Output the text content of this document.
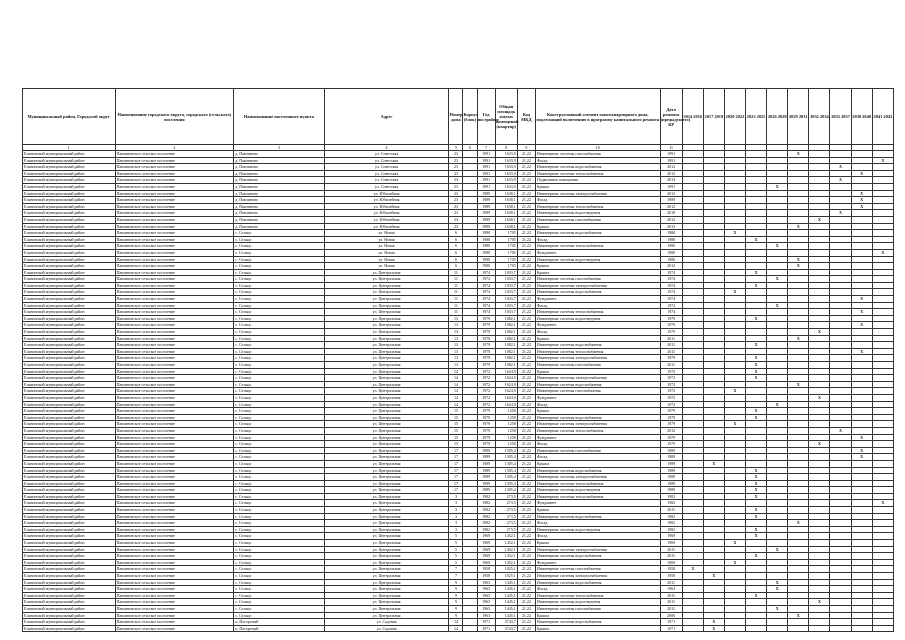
Муниципальный район, Городской округ	Наименование городского округа, городского (сельского) поселения	Наименование населенного пункта	Адрес	Номер дома	Корпус (блок)	Год постройки	Общая площадь жилых помещений (квартир)	Код МКД	Конструктивный элемент многоквартирного дома, подлежащий включению в программу капитального ремонта	Дата ремонта (предыдущего) КР	2014 2016	2017 2019	2020 2022	2023 2025	2026 2028	2029 2031	2032 2034	2035 2037	2038 2040	2041 2043
1	2	3	4	5	6	7	8	9	10	11										
Ельнинский муниципальный район	Павлиновское сельское поселение	д. Павлиново	ул. Советская	23		1991	1633,9	21,22	Инженерные системы газоснабжения	1991						X				
Ельнинский муниципальный район	Павлиновское сельское поселение	д. Павлиново	ул. Советская	23		1991	1633,9	21,22	Фасад	1991										X
Ельнинский муниципальный район	Павлиновское сельское поселение	д. Павлиново	ул. Советская	23		1991	1633,9	21,22	Инженерные системы водоснабжения	2012								X		
Ельнинский муниципальный район	Павлиновское сельское поселение	д. Павлиново	ул. Советская	23		1991	1633,9	21,22	Инженерные системы теплоснабжения	2012									X	
Ельнинский муниципальный район	Павлиновское сельское поселение	д. Павлиново	ул. Советская	23		1991	1633,9	21,22	Подвальные помещения	2013								X		
Ельнинский муниципальный район	Павлиновское сельское поселение	д. Павлиново	ул. Советская	23		1991	1633,9	21,22	Крыша	1991					X					
Ельнинский муниципальный район	Павлиновское сельское поселение	д. Павлиново	ул. Юбилейная	23		1989	1638,1	21,22	Инженерные системы электроснабжения	2012									X	
Ельнинский муниципальный район	Павлиновское сельское поселение	д. Павлиново	ул. Юбилейная	23		1989	1638,1	21,22	Фасад	1989									X	
Ельнинский муниципальный район	Павлиновское сельское поселение	д. Павлиново	ул. Юбилейная	23		1989	1638,1	21,22	Инженерные системы теплоснабжения	2012									X	
Ельнинский муниципальный район	Павлиновское сельское поселение	д. Павлиново	ул. Юбилейная	23		1989	1638,1	21,22	Инженерные системы водоотведения	2010								X		
Ельнинский муниципальный район	Павлиновское сельское поселение	д. Павлиново	ул. Юбилейная	23		1989	1638,1	21,22	Инженерные системы газоснабжения	2012							X			
Ельнинский муниципальный район	Павлиновское сельское поселение	д. Павлиново	ул. Юбилейная	23		1989	1638,1	21,22	Крыша	2013						X				
Ельнинский муниципальный район	Павлиновское сельское поселение	с. Сельцо	ул. Новая	6		1980	1705	21,22	Инженерные системы водоснабжения	1980			X							
Ельнинский муниципальный район	Павлиновское сельское поселение	с. Сельцо	ул. Новая	6		1980	1705	21,22	Фасад	1980				X						
Ельнинский муниципальный район	Павлиновское сельское поселение	с. Сельцо	ул. Новая	6		1980	1705	21,22	Инженерные системы теплоснабжения	1980					X					
Ельнинский муниципальный район	Павлиновское сельское поселение	с. Сельцо	ул. Новая	6		1980	1705	21,22	Фундамент	1980										X
Ельнинский муниципальный район	Павлиновское сельское поселение	с. Сельцо	ул. Новая	6		1980	1705	21,22	Инженерные системы водоотведения	1980						X				
Ельнинский муниципальный район	Павлиновское сельское поселение	с. Сельцо	ул. Новая	6		1980	1705	21,22	Крыша	2012						X				
Ельнинский муниципальный район	Павлиновское сельское поселение	с. Сельцо	ул. Центральная	11		1974	1033,7	21,22	Крыша	1974				X						
Ельнинский муниципальный район	Павлиновское сельское поселение	с. Сельцо	ул. Центральная	11		1974	1033,7	21,22	Инженерные системы газоснабжения	1974					X					
Ельнинский муниципальный район	Павлиновское сельское поселение	с. Сельцо	ул. Центральная	11		1974	1033,7	21,22	Инженерные системы электроснабжения	1974				X						
Ельнинский муниципальный район	Павлиновское сельское поселение	с. Сельцо	ул. Центральная	11		1974	1033,7	21,22	Инженерные системы водоснабжения	1974			X							
Ельнинский муниципальный район	Павлиновское сельское поселение	с. Сельцо	ул. Центральная	11		1974	1033,7	21,22	Фундамент	1974									X	
Ельнинский муниципальный район	Павлиновское сельское поселение	с. Сельцо	ул. Центральная	11		1974	1033,7	21,22	Фасад	1974					X					
Ельнинский муниципальный район	Павлиновское сельское поселение	с. Сельцо	ул. Центральная	11		1974	1033,7	21,22	Инженерные системы теплоснабжения	1974									X	
Ельнинский муниципальный район	Павлиновское сельское поселение	с. Сельцо	ул. Центральная	13		1979	1082,1	21,22	Инженерные системы водоотведения	1979				X						
Ельнинский муниципальный район	Павлиновское сельское поселение	с. Сельцо	ул. Центральная	13		1979	1082,1	21,22	Фундамент	1979									X	
Ельнинский муниципальный район	Павлиновское сельское поселение	с. Сельцо	ул. Центральная	13		1979	1082,1	21,22	Фасад	1979							X			
Ельнинский муниципальный район	Павлиновское сельское поселение	с. Сельцо	ул. Центральная	13		1979	1082,1	21,22	Крыша	2011						X				
Ельнинский муниципальный район	Павлиновское сельское поселение	с. Сельцо	ул. Центральная	13		1979	1082,1	21,22	Инженерные системы водоснабжения	2011				X						
Ельнинский муниципальный район	Павлиновское сельское поселение	с. Сельцо	ул. Центральная	13		1979	1082,1	21,22	Инженерные системы теплоснабжения	2011									X	
Ельнинский муниципальный район	Павлиновское сельское поселение	с. Сельцо	ул. Центральная	13		1979	1082,1	21,22	Инженерные системы электроснабжения	1979				X						
Ельнинский муниципальный район	Павлиновское сельское поселение	с. Сельцо	ул. Центральная	13		1979	1082,1	21,22	Инженерные системы газоснабжения	2011				X						
Ельнинский муниципальный район	Павлиновское сельское поселение	с. Сельцо	ул. Центральная	14		1972	1624,9	21,22	Крыша	1972				X						
Ельнинский муниципальный район	Павлиновское сельское поселение	с. Сельцо	ул. Центральная	14		1972	1624,9	21,22	Инженерные системы электроснабжения	1972				X						
Ельнинский муниципальный район	Павлиновское сельское поселение	с. Сельцо	ул. Центральная	14		1972	1624,9	21,22	Инженерные системы водоснабжения	1972						X				
Ельнинский муниципальный район	Павлиновское сельское поселение	с. Сельцо	ул. Центральная	14		1972	1624,9	21,22	Инженерные системы газоснабжения	1972			X							
Ельнинский муниципальный район	Павлиновское сельское поселение	с. Сельцо	ул. Центральная	14		1972	1624,9	21,22	Фундамент	1972							X			
Ельнинский муниципальный район	Павлиновское сельское поселение	с. Сельцо	ул. Центральная	14		1972	1624,9	21,22	Фасад	1972					X					
Ельнинский муниципальный район	Павлиновское сельское поселение	с. Сельцо	ул. Центральная	15		1979	1258	21,22	Крыша	1979				X						
Ельнинский муниципальный район	Павлиновское сельское поселение	с. Сельцо	ул. Центральная	15		1979	1258	21,22	Инженерные системы водоснабжения	1979				X						
Ельнинский муниципальный район	Павлиновское сельское поселение	с. Сельцо	ул. Центральная	15		1979	1258	21,22	Инженерные системы электроснабжения	1979			X							
Ельнинский муниципальный район	Павлиновское сельское поселение	с. Сельцо	ул. Центральная	15		1979	1258	21,22	Инженерные системы теплоснабжения	2012								X		
Ельнинский муниципальный район	Павлиновское сельское поселение	с. Сельцо	ул. Центральная	15		1979	1258	21,22	Фундамент	1979									X	
Ельнинский муниципальный район	Павлиновское сельское поселение	с. Сельцо	ул. Центральная	15		1979	1258	21,22	Фасад	1979							X			
Ельнинский муниципальный район	Павлиновское сельское поселение	с. Сельцо	ул. Центральная	17		1989	1305,4	21,22	Инженерные системы газоснабжения	1989									X	
Ельнинский муниципальный район	Павлиновское сельское поселение	с. Сельцо	ул. Центральная	17		1989	1305,4	21,22	Фасад	1989									X	
Ельнинский муниципальный район	Павлиновское сельское поселение	с. Сельцо	ул. Центральная	17		1989	1305,4	21,22	Крыша	1989		X								
Ельнинский муниципальный район	Павлиновское сельское поселение	с. Сельцо	ул. Центральная	17		1989	1305,4	21,22	Инженерные системы водоснабжения	1989				X						
Ельнинский муниципальный район	Павлиновское сельское поселение	с. Сельцо	ул. Центральная	17		1989	1305,4	21,22	Инженерные системы электроснабжения	1989				X						
Ельнинский муниципальный район	Павлиновское сельское поселение	с. Сельцо	ул. Центральная	17		1989	1305,4	21,22	Инженерные системы теплоснабжения	1989				X						
Ельнинский муниципальный район	Павлиновское сельское поселение	с. Сельцо	ул. Центральная	17		1989	1305,4	21,22	Инженерные системы водоотведения	1989				X						
Ельнинский муниципальный район	Павлиновское сельское поселение	с. Сельцо	ул. Центральная	3		1982	273,5	21,22	Инженерные системы теплоснабжения	1982				X						
Ельнинский муниципальный район	Павлиновское сельское поселение	с. Сельцо	ул. Центральная	3		1982	273,5	21,22	Фундамент	1982										X
Ельнинский муниципальный район	Павлиновское сельское поселение	с. Сельцо	ул. Центральная	3		1982	273,5	21,22	Крыша	2011				X						
Ельнинский муниципальный район	Павлиновское сельское поселение	с. Сельцо	ул. Центральная	3		1982	273,5	21,22	Инженерные системы водоснабжения	1982				X						
Ельнинский муниципальный район	Павлиновское сельское поселение	с. Сельцо	ул. Центральная	3		1982	273,5	21,22	Фасад	1982						X				
Ельнинский муниципальный район	Павлиновское сельское поселение	с. Сельцо	ул. Центральная	3		1982	273,5	21,22	Инженерные системы водоотведения	1982				X						
Ельнинский муниципальный район	Павлиновское сельское поселение	с. Сельцо	ул. Центральная	5		1969	1452,1	21,22	Фасад	1969				X						
Ельнинский муниципальный район	Павлиновское сельское поселение	с. Сельцо	ул. Центральная	5		1969	1452,1	21,22	Крыша	1969			X							
Ельнинский муниципальный район	Павлиновское сельское поселение	с. Сельцо	ул. Центральная	5		1969	1452,1	21,22	Инженерные системы электроснабжения	2011					X					
Ельнинский муниципальный район	Павлиновское сельское поселение	с. Сельцо	ул. Центральная	5		1969	1452,1	21,22	Инженерные системы водоснабжения	2011				X						
Ельнинский муниципальный район	Павлиновское сельское поселение	с. Сельцо	ул. Центральная	5		1969	1452,1	21,22	Фундамент	1969			X							
Ельнинский муниципальный район	Павлиновское сельское поселение	с. Сельцо	ул. Центральная	7		1958	1025,1	21,22	Инженерные системы газоснабжения	1958	X									
Ельнинский муниципальный район	Павлиновское сельское поселение	с. Сельцо	ул. Центральная	7		1958	1025,1	21,22	Инженерные системы электроснабжения	1958		X								
Ельнинский муниципальный район	Павлиновское сельское поселение	с. Сельцо	ул. Центральная	9		1963	1445,1	21,22	Инженерные системы водоснабжения	2011					X					
Ельнинский муниципальный район	Павлиновское сельское поселение	с. Сельцо	ул. Центральная	9		1963	1445,1	21,22	Фасад	1963					X					
Ельнинский муниципальный район	Павлиновское сельское поселение	с. Сельцо	ул. Центральная	9		1963	1445,1	21,22	Инженерные системы теплоснабжения	2011				X						
Ельнинский муниципальный район	Павлиновское сельское поселение	с. Сельцо	ул. Центральная	9		1963	1445,1	21,22	Инженерные системы водоотведения	2011							X			
Ельнинский муниципальный район	Павлиновское сельское поселение	с. Сельцо	ул. Центральная	9		1963	1445,1	21,22	Инженерные системы газоснабжения	2011					X					
Ельнинский муниципальный район	Павлиновское сельское поселение	с. Сельцо	ул. Центральная	9		1963	1445,1	21,22	Крыша	2006						X				
Ельнинский муниципальный район	Павлиновское сельское поселение	п. Погорелый	ул. Садовая	14		1971	3743,7	21,22	Инженерные системы водоснабжения	1971		X								
Ельнинский муниципальный район	Павлиновское сельское поселение	п. Погорелый	ул. Садовая	14		1971	3743,7	21,22	Крыша	1971		X								
